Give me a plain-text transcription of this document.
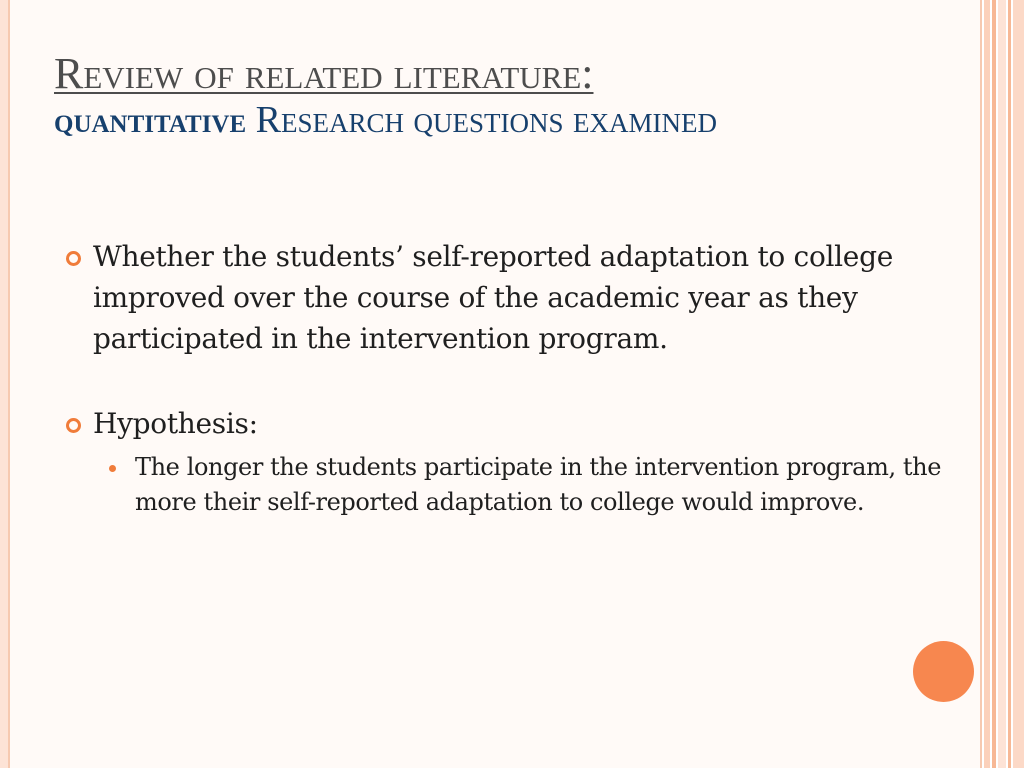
Review of related literature:
quantitative Research questions examined
Whether the students’ self-reported adaptation to college improved over the course of the academic year as they participated in the intervention program.
Hypothesis:
The longer the students participate in the intervention program, the more their self-reported adaptation to college would improve.
